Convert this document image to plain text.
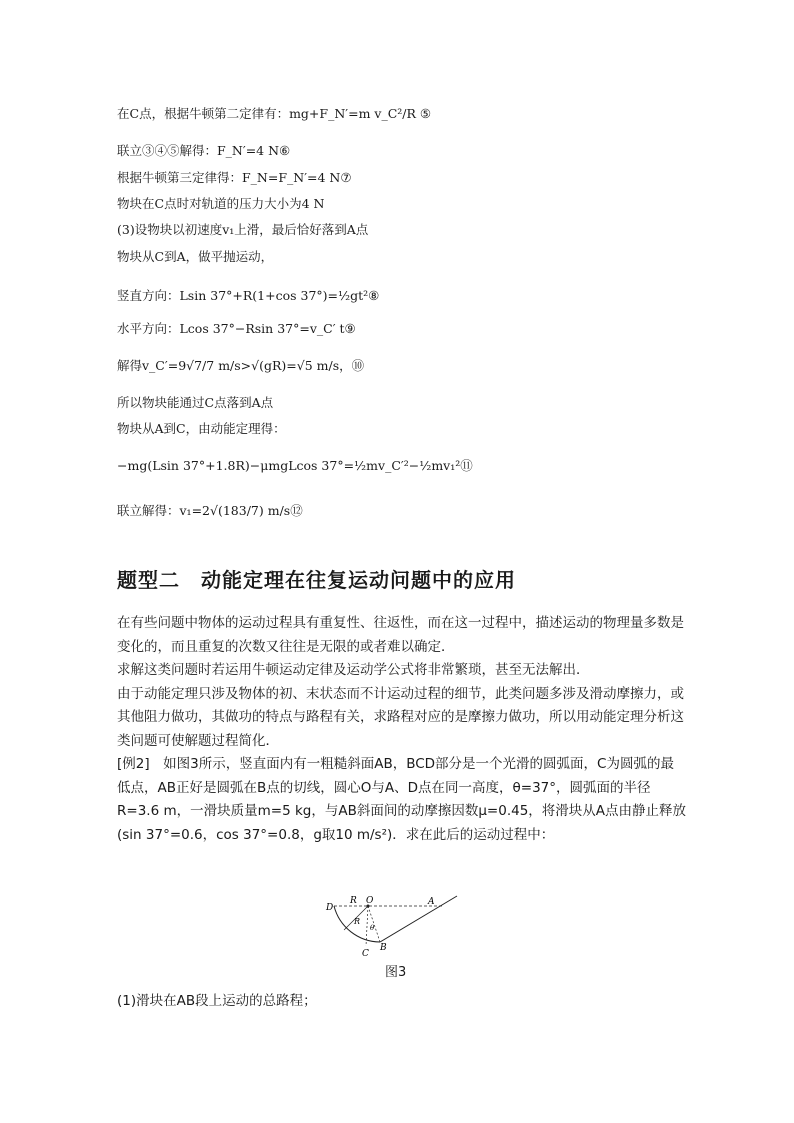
在C点，根据牛顿第二定律有：mg+F_N′=m v_C²/R ⑤
联立③④⑤解得：F_N′=4 N⑥
根据牛顿第三定律得：F_N=F_N′=4 N⑦
物块在C点时对轨道的压力大小为4 N
(3)设物块以初速度v₁上滑，最后恰好落到A点
物块从C到A，做平抛运动，
竖直方向：Lsin 37°+R(1+cos 37°)=½gt²⑧
水平方向：Lcos 37°−Rsin 37°=v_C′ t⑨
解得v_C′=9√7/7 m/s>√(gR)=√5 m/s，⑩
所以物块能通过C点落到A点
物块从A到C，由动能定理得：
−mg(Lsin 37°+1.8R)−μmgLcos 37°=½mv_C′²−½mv₁²⑪
联立解得：v₁=2√(183/7) m/s⑫
题型二　动能定理在往复运动问题中的应用

在有些问题中物体的运动过程具有重复性、往返性，而在这一过程中，描述运动的物理量多数是变化的，而且重复的次数又往往是无限的或者难以确定．

求解这类问题时若运用牛顿运动定律及运动学公式将非常繁琐，甚至无法解出．

由于动能定理只涉及物体的初、末状态而不计运动过程的细节，此类问题多涉及滑动摩擦力，或其他阻力做功，其做功的特点与路程有关，求路程对应的是摩擦力做功，所以用动能定理分析这类问题可使解题过程简化．

[例2]　如图3所示，竖直面内有一粗糙斜面AB，BCD部分是一个光滑的圆弧面，C为圆弧的最低点，AB正好是圆弧在B点的切线，圆心O与A、D点在同一高度，θ=37°，圆弧面的半径R=3.6 m，一滑块质量m=5 kg，与AB斜面间的动摩擦因数μ=0.45，将滑块从A点由静止释放(sin 37°=0.6，cos 37°=0.8，g取10 m/s²)．求在此后的运动过程中：

D
R O	A
R
θ
C
B
图3
(1)滑块在AB段上运动的总路程；
